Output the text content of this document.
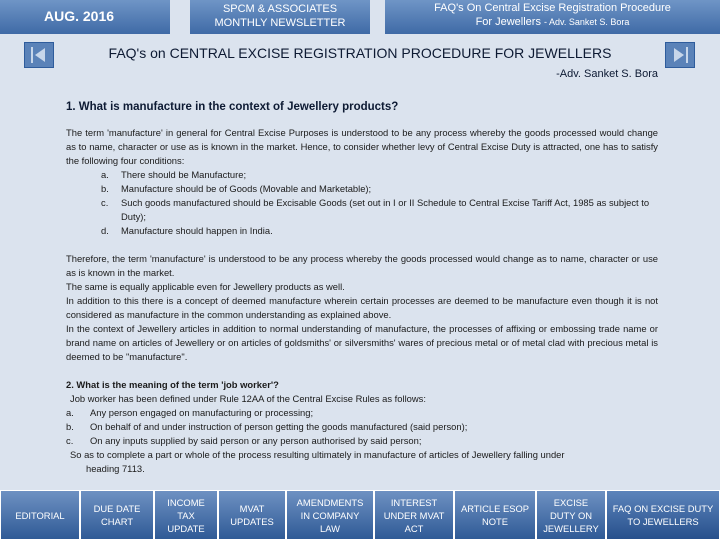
AUG. 2016	SPCM & ASSOCIATES
MONTHLY NEWSLETTER
FAQ's On Central Excise Registration Procedure
For Jewellers - Adv. Sanket S. Bora
FAQ's on CENTRAL EXCISE REGISTRATION PROCEDURE FOR JEWELLERS
-Adv. Sanket S. Bora
1. What is manufacture in the context of Jewellery products?
The term 'manufacture' in general for Central Excise Purposes is understood to be any process whereby the goods processed would change as to name, character or use as is known in the market. Hence, to consider whether levy of Central Excise Duty is attracted, one has to satisfy the following four conditions:
a.	There should be Manufacture;
b.	Manufacture should be of Goods (Movable and Marketable);
c.	Such goods manufactured should be Excisable Goods (set out in I or II Schedule to Central Excise Tariff Act, 1985 as subject to Duty);
d.	Manufacture should happen in India.
Therefore, the term 'manufacture' is understood to be any process whereby the goods processed would change as to name, character or use as is known in the market.
The same is equally applicable even for Jewellery products as well.
In addition to this there is a concept of deemed manufacture wherein certain processes are deemed to be manufacture even though it is not considered as manufacture in the common understanding as explained above.
In the context of Jewellery articles in addition to normal understanding of manufacture, the processes of affixing or embossing trade name or brand name on articles of Jewellery or on articles of goldsmiths' or silversmiths' wares of precious metal or of metal clad with precious metal is deemed to be "manufacture".
2. What is the meaning of the term 'job worker'?
Job worker has been defined under Rule 12AA of the Central Excise Rules as follows:
a.	Any person engaged on manufacturing or processing;
b.	On behalf of and under instruction of person getting the goods manufactured (said person);
c.	On any inputs supplied by said person or any person authorised by said person;
So as to complete a part or whole of the process resulting ultimately in manufacture of articles of Jewellery falling under
heading 7113.
EDITORIAL
DUE DATE CHART
INCOME TAX UPDATE
MVAT UPDATES
AMENDMENTS IN COMPANY LAW
INTEREST UNDER MVAT ACT
ARTICLE ESOP NOTE
EXCISE DUTY ON JEWELLERY
FAQ ON EXCISE DUTY TO JEWELLERS
